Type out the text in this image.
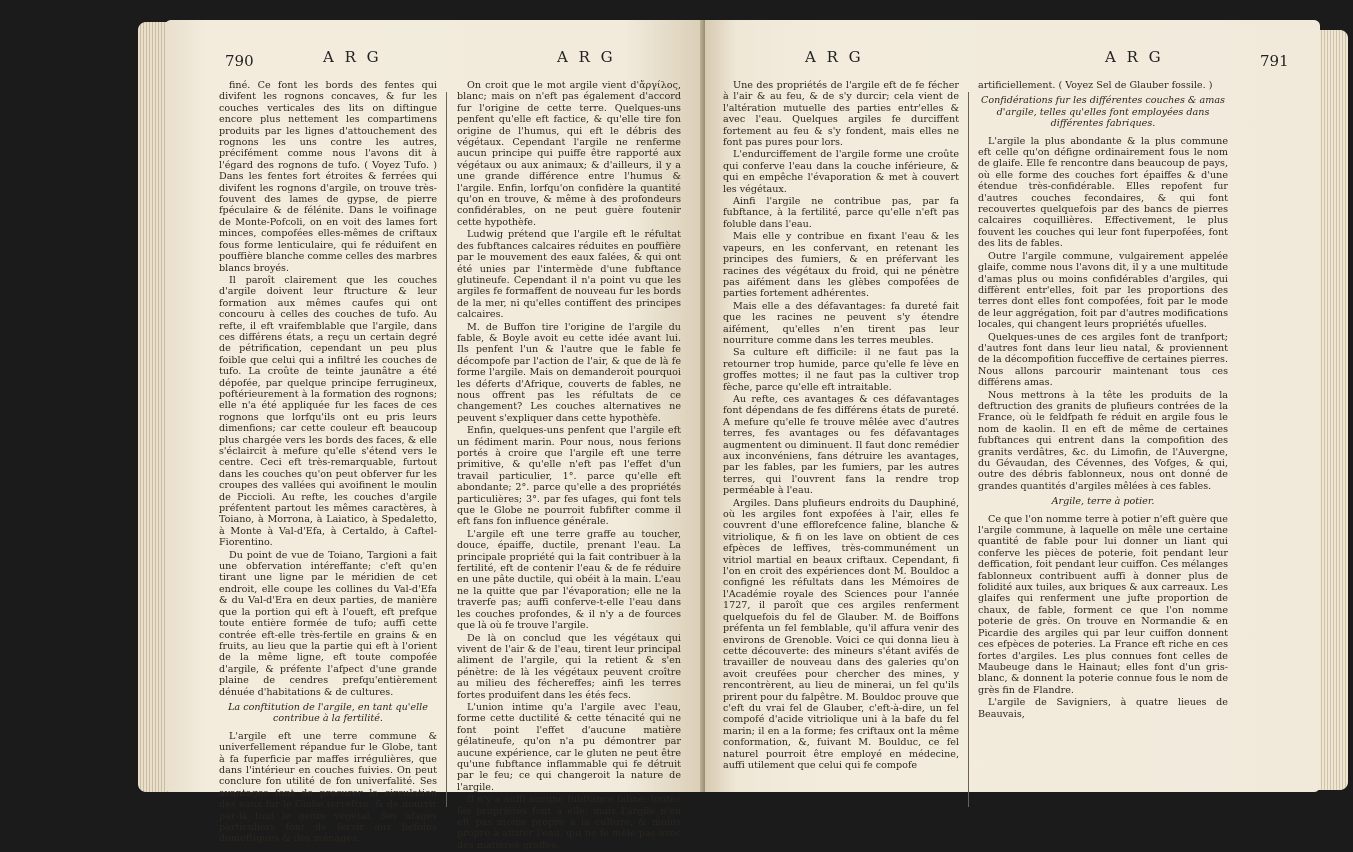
790	A R G	A R G

finé. Ce font les bords des fentes qui divifent les rognons concaves, & fur les couches verticales des lits on diftingue encore plus nettement les compartimens produits par les lignes d'attouchement des rognons les uns contre les autres, précifément comme nous l'avons dit à l'égard des rognons de tufo. ( Voyez Tufo. ) Dans les fentes fort étroites & ferrées qui divifent les rognons d'argile, on trouve très-fouvent des lames de gypse, de pierre fpéculaire & de félénite. Dans le voifinage de Monte-Pofcoli, on en voit des lames fort minces, compofées elles-mêmes de criftaux fous forme lenticulaire, qui fe réduifent en pouffière blanche comme celles des marbres blancs broyés.

Il paroît clairement que les couches d'argile doivent leur ftructure & leur formation aux mêmes caufes qui ont concouru à celles des couches de tufo. Au refte, il eft vraifemblable que l'argile, dans ces différens états, a reçu un certain degré de pétrification, cependant un peu plus foible que celui qui a infiltré les couches de tufo. La croûte de teinte jaunâtre a été dépofée, par quelque principe ferrugineux, poftérieurement à la formation des rognons; elle n'a été appliquée fur les faces de ces rognons que lorfqu'ils ont eu pris leurs dimenfions; car cette couleur eft beaucoup plus chargée vers les bords des faces, & elle s'éclaircit à mefure qu'elle s'étend vers le centre. Ceci eft très-remarquable, furtout dans les couches qu'on peut obferver fur les croupes des vallées qui avoifinent le moulin de Piccioli. Au refte, les couches d'argile préfentent partout les mêmes caractères, à Toiano, à Morrona, à Laiatico, à Spedaletto, à Monte à Val-d'Efa, à Certaldo, à Caftel-Fiorentino.

Du point de vue de Toiano, Targioni a fait une obfervation intéreffante; c'eft qu'en tirant une ligne par le méridien de cet endroit, elle coupe les collines du Val-d'Efa & du Val-d'Era en deux parties, de manière que la portion qui eft à l'oueft, eft prefque toute entière formée de tufo; auffi cette contrée eft-elle très-fertile en grains & en fruits, au lieu que la partie qui eft à l'orient de la même ligne, eft toute compofée d'argile, & préfente l'afpect d'une grande plaine de cendres prefqu'entièrement dénuée d'habitations & de cultures.

La conftitution de l'argile, en tant qu'elle contribue à la fertilité.

L'argile eft une terre commune & univerfellement répandue fur le Globe, tant à fa fuperficie par maffes irrégulières, que dans l'intérieur en couches fuivies. On peut conclure fon utilité de fon univerfalité. Ses avantages font de procurer la circulation des eaux fur le Globe terreftre, & de nourrir par-là tout le genre végétal. Ses ufages particuliers font de fervir aux befoins domeftiques & des ménages.

On croit que le mot argile vient d'ἄργίλος, blanc; mais on n'eft pas également d'accord fur l'origine de cette terre. Quelques-uns penfent qu'elle eft factice, & qu'elle tire fon origine de l'humus, qui eft le débris des végétaux. Cependant l'argile ne renferme aucun principe qui puiffe être rapporté aux végétaux ou aux animaux; & d'ailleurs, il y a une grande différence entre l'humus & l'argile. Enfin, lorfqu'on confidère la quantité qu'on en trouve, & même à des profondeurs confidérables, on ne peut guère foutenir cette hypothèfe.

Ludwig prétend que l'argile eft le réfultat des fubftances calcaires réduites en pouffière par le mouvement des eaux falées, & qui ont été unies par l'intermède d'une fubftance glutineufe. Cependant il n'a point vu que les argiles fe formaffent de nouveau fur les bords de la mer, ni qu'elles contiffent des principes calcaires.

M. de Buffon tire l'origine de l'argile du fable, & Boyle avoit eu cette idée avant lui. Ils penfent l'un & l'autre que le fable fe décompofe par l'action de l'air, & que de là fe forme l'argile. Mais on demanderoit pourquoi les déferts d'Afrique, couverts de fables, ne nous offrent pas les réfultats de ce changement? Les couches alternatives ne peuvent s'expliquer dans cette hypothèfe.

Enfin, quelques-uns penfent que l'argile eft un fédiment marin. Pour nous, nous ferions portés à croire que l'argile eft une terre primitive, & qu'elle n'eft pas l'effet d'un travail particulier, 1°. parce qu'elle eft abondante; 2°. parce qu'elle a des propriétés particulières; 3°. par fes ufages, qui font tels que le Globe ne pourroit fubfifter comme il eft fans fon influence générale.

L'argile eft une terre graffe au toucher, douce, épaiffe, ductile, prenant l'eau. La principale propriété qui la fait contribuer à la fertilité, eft de contenir l'eau & de fe réduire en une pâte ductile, qui obéit à la main. L'eau ne la quitte que par l'évaporation; elle ne la traverfe pas; auffi conferve-t-elle l'eau dans les couches profondes, & il n'y a de fources que là où fe trouve l'argile.

De là on conclud que les végétaux qui vivent de l'air & de l'eau, tirent leur principal aliment de l'argile, qui la retient & s'en pénètre: de là les végétaux peuvent croître au milieu des féchereffes; ainfi les terres fortes produifent dans les étés fecs.

L'union intime qu'a l'argile avec l'eau, forme cette ductilité & cette ténacité qui ne font point l'effet d'aucune matière gélatineufe, qu'on n'a pu démontrer par aucune expérience, car le gluten ne peut être qu'une fubftance inflammable qui fe détruit par le feu; ce qui changeroit la nature de l'argile.

Il n'y a auffi aucune fubftance faline: toutes fes propriétés font à elle; mais l'argile n'en eft pas moins propre à la culture, & moins propre à attirer l'eau, qui ne fe mêle pas avec des matières graffes.

A R G	A R G	791

Une des propriétés de l'argile eft de fe fécher à l'air & au feu, & de s'y durcir; cela vient de l'altération mutuelle des parties entr'elles & avec l'eau. Quelques argiles fe durciffent fortement au feu & s'y fondent, mais elles ne font pas pures pour lors.

L'endurciffement de l'argile forme une croûte qui conferve l'eau dans la couche inférieure, & qui en empêche l'évaporation & met à couvert les végétaux.

Ainfi l'argile ne contribue pas, par fa fubftance, à la fertilité, parce qu'elle n'eft pas foluble dans l'eau.

Mais elle y contribue en fixant l'eau & les vapeurs, en les confervant, en retenant les principes des fumiers, & en préfervant les racines des végétaux du froid, qui ne pénètre pas aifément dans les glèbes compofées de parties fortement adhérentes.

Mais elle a des défavantages: fa dureté fait que les racines ne peuvent s'y étendre aifément, qu'elles n'en tirent pas leur nourriture comme dans les terres meubles.

Sa culture eft difficile: il ne faut pas la retourner trop humide, parce qu'elle fe lève en groffes mottes; il ne faut pas la cultiver trop fèche, parce qu'elle eft intraitable.

Au refte, ces avantages & ces défavantages font dépendans de fes différens états de pureté. A mefure qu'elle fe trouve mêlée avec d'autres terres, fes avantages ou fes défavantages augmentent ou diminuent. Il faut donc remédier aux inconvéniens, fans détruire les avantages, par les fables, par les fumiers, par les autres terres, qui l'ouvrent fans la rendre trop perméable à l'eau.

Argiles. Dans plufieurs endroits du Dauphiné, où les argiles font expofées à l'air, elles fe couvrent d'une efflorefcence faline, blanche & vitriolique, & fi on les lave on obtient de ces efpèces de leffives, très-communément un vitriol martial en beaux criftaux. Cependant, fi l'on en croit des expériences dont M. Bouldoc a configné les réfultats dans les Mémoires de l'Académie royale des Sciences pour l'année 1727, il paroît que ces argiles renferment quelquefois du fel de Glauber. M. de Boiffons préfenta un fel femblable, qu'il affura venir des environs de Grenoble. Voici ce qui donna lieu à cette découverte: des mineurs s'étant avifés de travailler de nouveau dans des galeries qu'on avoit creufées pour chercher des mines, y rencontrèrent, au lieu de minerai, un fel qu'ils prirent pour du falpêtre. M. Bouldoc prouve que c'eft du vrai fel de Glauber, c'eft-à-dire, un fel compofé d'acide vitriolique uni à la bafe du fel marin; il en a la forme; fes criftaux ont la même conformation, &, fuivant M. Boulduc, ce fel naturel pourroit être employé en médecine, auffi utilement que celui qui fe compofe

artificiellement. ( Voyez Sel de Glauber fossile. )

Confidérations fur les différentes couches & amas d'argile, telles qu'elles font employées dans différentes fabriques.

L'argile la plus abondante & la plus commune eft celle qu'on défigne ordinairement fous le nom de glaife. Elle fe rencontre dans beaucoup de pays, où elle forme des couches fort épaiffes & d'une étendue très-confidérable. Elles repofent fur d'autres couches fecondaires, & qui font recouvertes quelquefois par des bancs de pierres calcaires coquillières. Effectivement, le plus fouvent les couches qui leur font fuperpofées, font des lits de fables.

Outre l'argile commune, vulgairement appelée glaife, comme nous l'avons dit, il y a une multitude d'amas plus ou moins confidérables d'argiles, qui diffèrent entr'elles, foit par les proportions des terres dont elles font compofées, foit par le mode de leur aggrégation, foit par d'autres modifications locales, qui changent leurs propriétés ufuelles.

Quelques-unes de ces argiles font de tranfport; d'autres font dans leur lieu natal, & proviennent de la décompofition fucceffive de certaines pierres. Nous allons parcourir maintenant tous ces différens amas.

Nous mettrons à la tête les produits de la deftruction des granits de plufieurs contrées de la France, où le feldfpath fe réduit en argile fous le nom de kaolin. Il en eft de même de certaines fubftances qui entrent dans la compofition des granits verdâtres, &c. du Limofin, de l'Auvergne, du Gévaudan, des Cévennes, des Vofges, & qui, outre des débris fablonneux, nous ont donné de grandes quantités d'argiles mêlées à ces fables.

Argile, terre à potier.

Ce que l'on nomme terre à potier n'eft guère que l'argile commune, à laquelle on mêle une certaine quantité de fable pour lui donner un liant qui conferve les pièces de poterie, foit pendant leur deffication, foit pendant leur cuiffon. Ces mélanges fablonneux contribuent auffi à donner plus de folidité aux tuiles, aux briques & aux carreaux. Les glaifes qui renferment une jufte proportion de chaux, de fable, forment ce que l'on nomme poterie de grès. On trouve en Normandie & en Picardie des argiles qui par leur cuiffon donnent ces efpèces de poteries. La France eft riche en ces fortes d'argiles. Les plus connues font celles de Maubeuge dans le Hainaut; elles font d'un gris-blanc, & donnent la poterie connue fous le nom de grès fin de Flandre.

L'argile de Savigniers, à quatre lieues de Beauvais,
